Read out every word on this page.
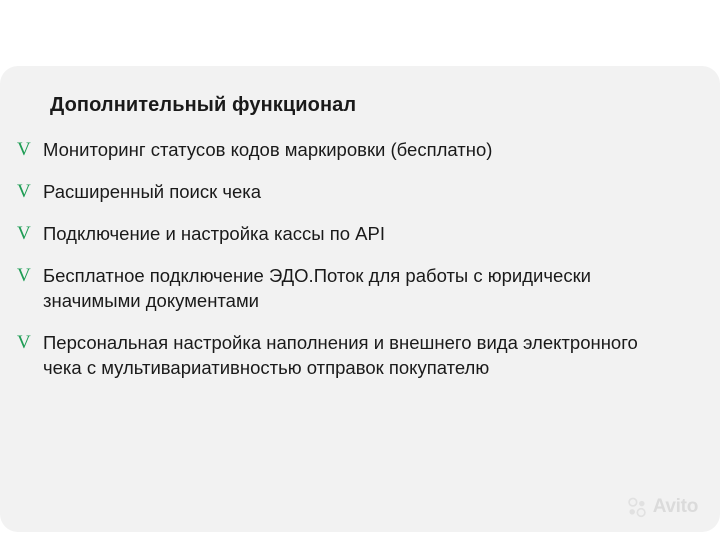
Дополнительный функционал
V Мониторинг статусов кодов маркировки (бесплатно)
V Расширенный поиск чека
V Подключение и настройка кассы по API
V Бесплатное подключение ЭДО.Поток для работы с юридически значимыми документами
V Персональная настройка наполнения и внешнего вида электронного чека с мультивариативностью отправок покупателю
Avito
